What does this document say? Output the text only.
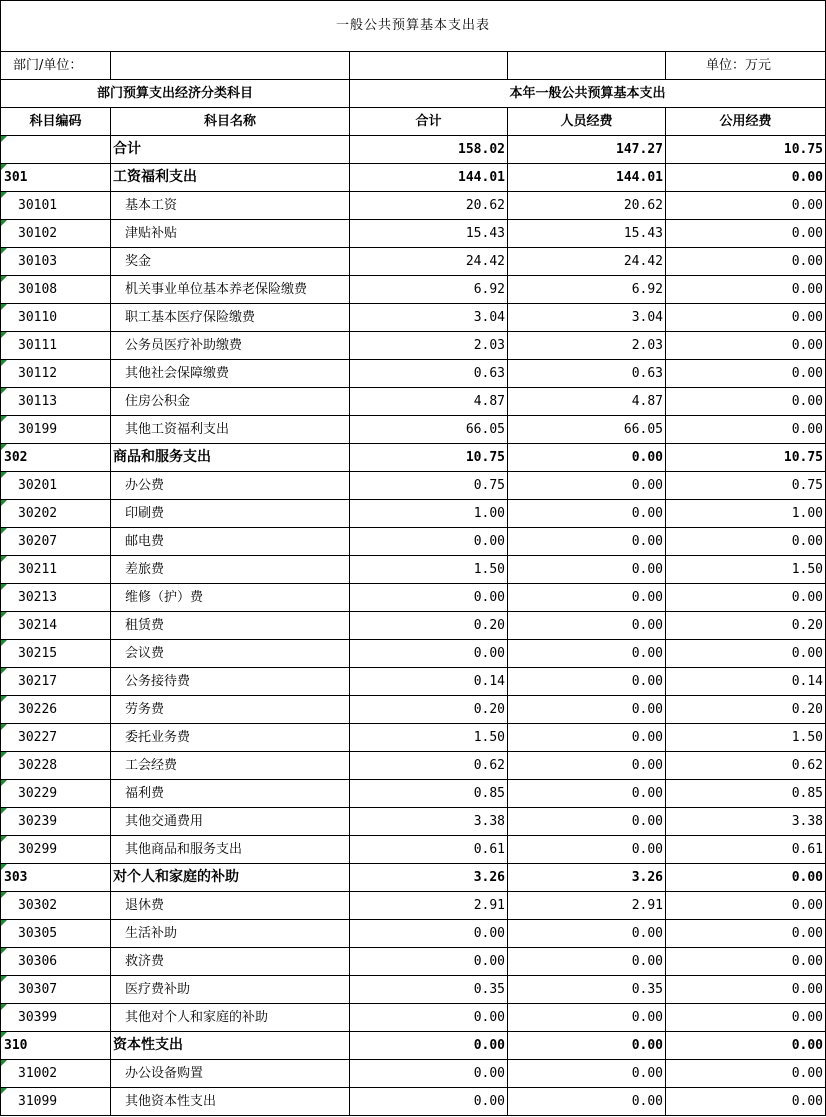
一般公共预算基本支出表				
部门/单位：				单位：万元
部门预算支出经济分类科目		本年一般公共预算基本支出		
科目编码	科目名称	合计	人员经费	公用经费

	合计	158.02	147.27	10.75

301	工资福利支出	144.01	144.01	0.00

30101	基本工资	20.62	20.62	0.00

30102	津贴补贴	15.43	15.43	0.00

30103	奖金	24.42	24.42	0.00

30108	机关事业单位基本养老保险缴费	6.92	6.92	0.00

30110	职工基本医疗保险缴费	3.04	3.04	0.00

30111	公务员医疗补助缴费	2.03	2.03	0.00

30112	其他社会保障缴费	0.63	0.63	0.00

30113	住房公积金	4.87	4.87	0.00

30199	其他工资福利支出	66.05	66.05	0.00

302	商品和服务支出	10.75	0.00	10.75

30201	办公费	0.75	0.00	0.75

30202	印刷费	1.00	0.00	1.00

30207	邮电费	0.00	0.00	0.00

30211	差旅费	1.50	0.00	1.50

30213	维修（护）费	0.00	0.00	0.00

30214	租赁费	0.20	0.00	0.20

30215	会议费	0.00	0.00	0.00

30217	公务接待费	0.14	0.00	0.14

30226	劳务费	0.20	0.00	0.20

30227	委托业务费	1.50	0.00	1.50

30228	工会经费	0.62	0.00	0.62

30229	福利费	0.85	0.00	0.85

30239	其他交通费用	3.38	0.00	3.38

30299	其他商品和服务支出	0.61	0.00	0.61

303	对个人和家庭的补助	3.26	3.26	0.00

30302	退休费	2.91	2.91	0.00

30305	生活补助	0.00	0.00	0.00

30306	救济费	0.00	0.00	0.00

30307	医疗费补助	0.35	0.35	0.00

30399	其他对个人和家庭的补助	0.00	0.00	0.00

310	资本性支出	0.00	0.00	0.00

31002	办公设备购置	0.00	0.00	0.00

31099	其他资本性支出	0.00	0.00	0.00
